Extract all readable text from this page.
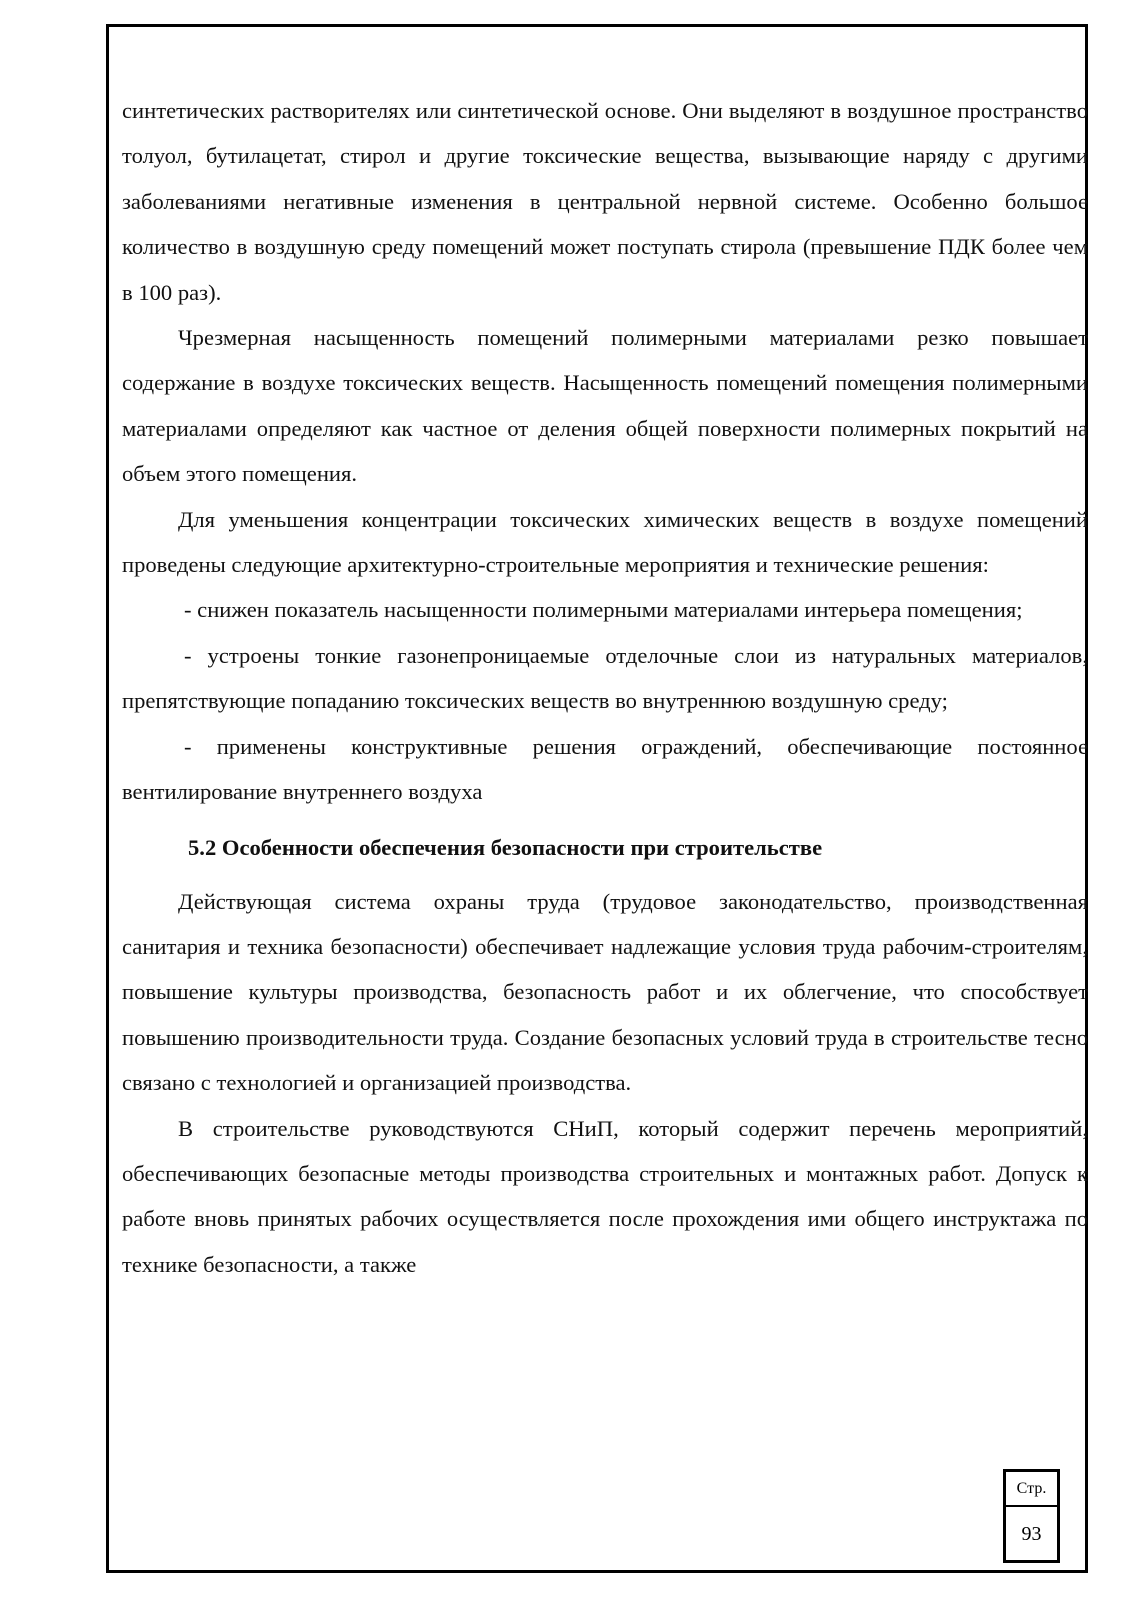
Стр.
93

синтетических растворителях или синтетической основе. Они выделяют в воздушное пространство толуол, бутилацетат, стирол и другие токсические вещества, вызывающие наряду с другими заболеваниями негативные изменения в центральной нервной системе. Особенно большое количество в воздушную среду помещений может поступать стирола (превышение ПДК более чем в 100 раз).

Чрезмерная насыщенность помещений полимерными материалами резко повышает содержание в воздухе токсических веществ. Насыщенность помещений помещения полимерными материалами определяют как частное от деления общей поверхности полимерных покрытий на объем этого помещения.

Для уменьшения концентрации токсических химических веществ в воздухе помещений проведены следующие архитектурно-строительные мероприятия и технические решения:

- снижен показатель насыщенности полимерными материалами интерьера помещения;

- устроены тонкие газонепроницаемые отделочные слои из натуральных материалов, препятствующие попаданию токсических веществ во внутреннюю воздушную среду;

- применены конструктивные решения ограждений, обеспечивающие постоянное вентилирование внутреннего воздуха

5.2 Особенности обеспечения безопасности при строительстве

Действующая система охраны труда (трудовое законодательство, производственная санитария и техника безопасности) обеспечивает надлежащие условия труда рабочим-строителям, повышение культуры производства, безопасность работ и их облегчение, что способствует повышению производительности труда. Создание безопасных условий труда в строительстве тесно связано с технологией и организацией производства.

В строительстве руководствуются СНиП, который содержит перечень мероприятий, обеспечивающих безопасные методы производства строительных и монтажных работ. Допуск к работе вновь принятых рабочих осуществляется после прохождения ими общего инструктажа по технике безопасности, а также
